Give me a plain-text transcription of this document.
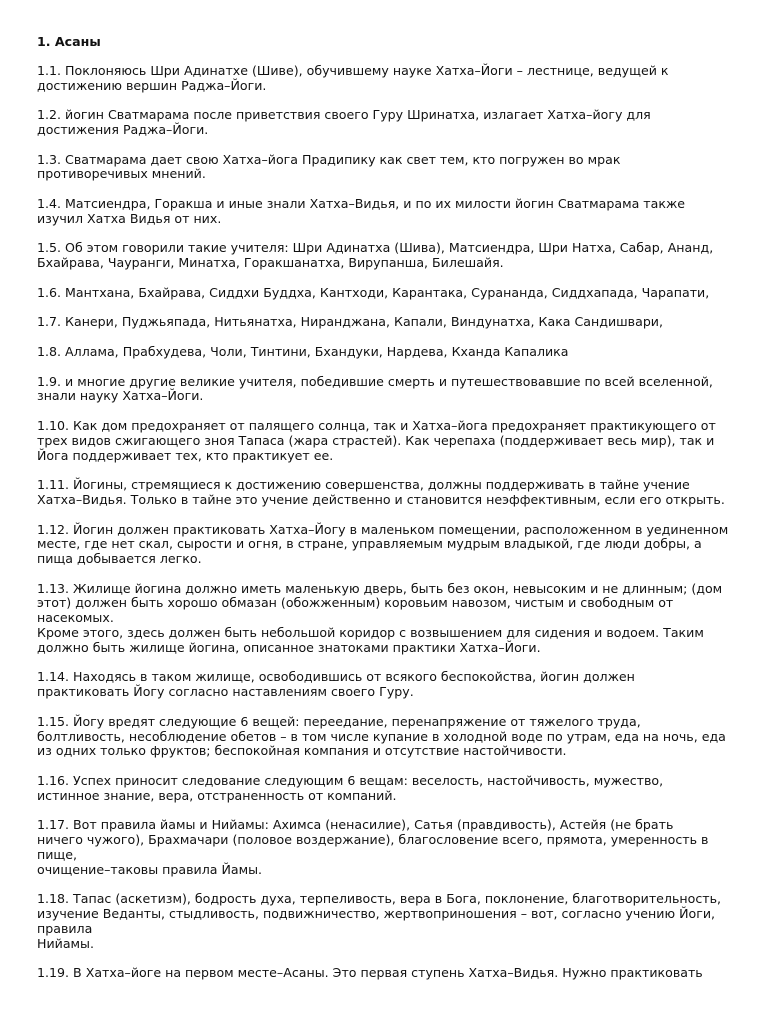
1. Асаны
1.1. Поклоняюсь Шри Адинатхе (Шиве), обучившему науке Хатха–Йоги – лестнице, ведущей к
достижению вершин Раджа–Йоги.
1.2. йогин Сватмарама после приветствия своего Гуру Шринатха, излагает Хатха–йогу для
достижения Раджа–Йоги.
1.3. Сватмарама дает свою Хатха–йога Прадипику как свет тем, кто погружен во мрак
противоречивых мнений.
1.4. Матсиендра, Горакша и иные знали Хатха–Видья, и по их милости йогин Сватмарама также
изучил Хатха Видья от них.
1.5. Об этом говорили такие учителя: Шри Адинатха (Шива), Матсиендра, Шри Натха, Сабар, Ананд,
Бхайрава, Чауранги, Минатха, Горакшанатха, Вирупанша, Билешайя.
1.6. Мантхана, Бхайрава, Сиддхи Буддха, Кантходи, Карантака, Сурананда, Сиддхапада, Чарапати,
1.7. Канери, Пуджьяпада, Нитьянатха, Ниранджана, Капали, Виндунатха, Кака Сандишвари,
1.8. Аллама, Прабхудева, Чоли, Тинтини, Бхандуки, Нардева, Кханда Капалика
1.9. и многие другие великие учителя, победившие смерть и путешествовавшие по всей вселенной,
знали науку Хатха–Йоги.
1.10. Как дом предохраняет от палящего солнца, так и Хатха–йога предохраняет практикующего от
трех видов сжигающего зноя Тапаса (жара страстей). Как черепаха (поддерживает весь мир), так и
Йога поддерживает тех, кто практикует ее.
1.11. Йогины, стремящиеся к достижению совершенства, должны поддерживать в тайне учение
Хатха–Видья. Только в тайне это учение действенно и становится неэффективным, если его открыть.
1.12. Йогин должен практиковать Хатха–Йогу в маленьком помещении, расположенном в уединенном
месте, где нет скал, сырости и огня, в стране, управляемым мудрым владыкой, где люди добры, а
пища добывается легко.
1.13. Жилище йогина должно иметь маленькую дверь, быть без окон, невысоким и не длинным; (дом
этот) должен быть хорошо обмазан (обожженным) коровьим навозом, чистым и свободным от
насекомых.
Кроме этого, здесь должен быть небольшой коридор с возвышением для сидения и водоем. Таким
должно быть жилище йогина, описанное знатоками практики Хатха–Йоги.
1.14. Находясь в таком жилище, освободившись от всякого беспокойства, йогин должен
практиковать Йогу согласно наставлениям своего Гуру.
1.15. Йогу вредят следующие 6 вещей: переедание, перенапряжение от тяжелого труда,
болтливость, несоблюдение обетов – в том числе купание в холодной воде по утрам, еда на ночь, еда
из одних только фруктов; беспокойная компания и отсутствие настойчивости.
1.16. Успех приносит следование следующим 6 вещам: веселость, настойчивость, мужество,
истинное знание, вера, отстраненность от компаний.
1.17. Вот правила йамы и Нийамы: Ахимса (ненасилие), Сатья (правдивость), Астейя (не брать
ничего чужого), Брахмачари (половое воздержание), благословение всего, прямота, умеренность в
пище,
очищение–таковы правила Йамы.
1.18. Тапас (аскетизм), бодрость духа, терпеливость, вера в Бога, поклонение, благотворительность,
изучение Веданты, стыдливость, подвижничество, жертвоприношения – вот, согласно учению Йоги,
правила
Нийамы.
1.19. В Хатха–йоге на первом месте–Асаны. Это первая ступень Хатха–Видья. Нужно практиковать
